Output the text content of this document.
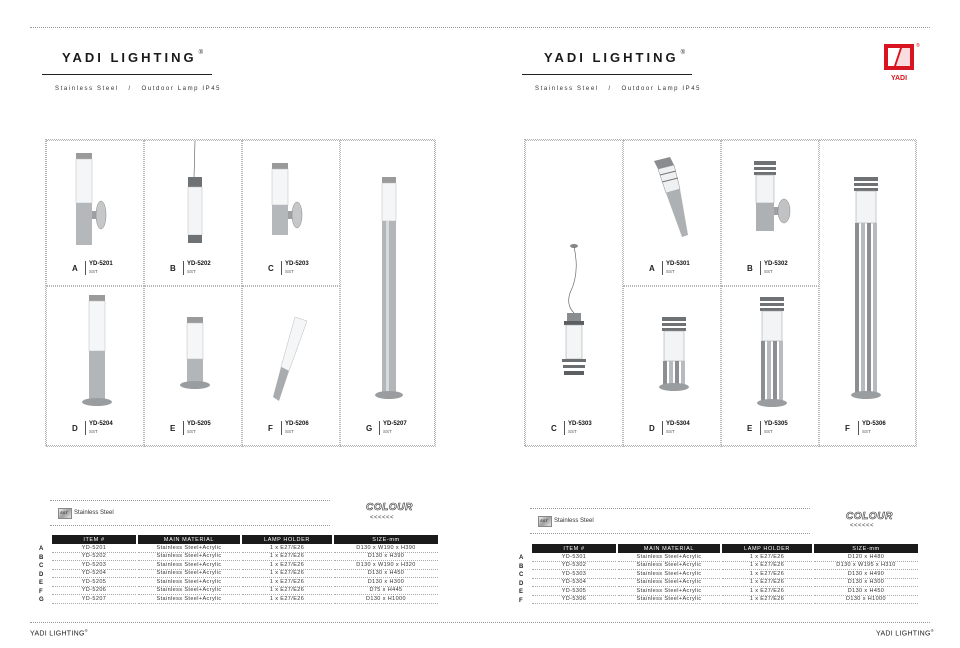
YADI LIGHTING ®
Stainless Steel   /   Outdoor Lamp IP45
A	YD-5201
SST	B	YD-5202
SST	C	YD-5203
SST
G	YD-5207
SST
D	YD-5204
SST	E	YD-5205
SST	F	YD-5206
SST
SST Stainless Steel	COLOUR
<<<<<<
A
B
C
D
E
F
G
ITEM #	MAIN MATERIAL	LAMP HOLDER	SIZE-mm
YD-5201	Stainless Steel+Acrylic	1 x E27/E26	D130 x W190 x H390
YD-5202	Stainless Steel+Acrylic	1 x E27/E26	D130 x H390
YD-5203	Stainless Steel+Acrylic	1 x E27/E26	D130 x W190 x H320
YD-5204	Stainless Steel+Acrylic	1 x E27/E26	D130 x H450
YD-5205	Stainless Steel+Acrylic	1 x E27/E26	D130 x H300
YD-5206	Stainless Steel+Acrylic	1 x E27/E26	D75 x H445
YD-5207	Stainless Steel+Acrylic	1 x E27/E26	D130 x H1000
YADI LIGHTING®
YADI LIGHTING ®
Stainless Steel   /   Outdoor Lamp IP45
C	YD-5303
SST
A	YD-5301
SST	B	YD-5302
SST
F	YD-5306
SST
D	YD-5304
SST	E	YD-5305
SST
SST Stainless Steel	COLOUR
<<<<<<
A
B
C
D
E
F
ITEM #	MAIN MATERIAL	LAMP HOLDER	SIZE-mm
YD-5301	Stainless Steel+Acrylic	1 x E27/E26	D120 x H480
YD-5302	Stainless Steel+Acrylic	1 x E27/E26	D130 x W195 x H310
YD-5303	Stainless Steel+Acrylic	1 x E27/E26	D130 x H490
YD-5304	Stainless Steel+Acrylic	1 x E27/E26	D130 x H300
YD-5305	Stainless Steel+Acrylic	1 x E27/E26	D130 x H450
YD-5306	Stainless Steel+Acrylic	1 x E27/E26	D130 x H1000
YADI LIGHTING®
YADI
®
